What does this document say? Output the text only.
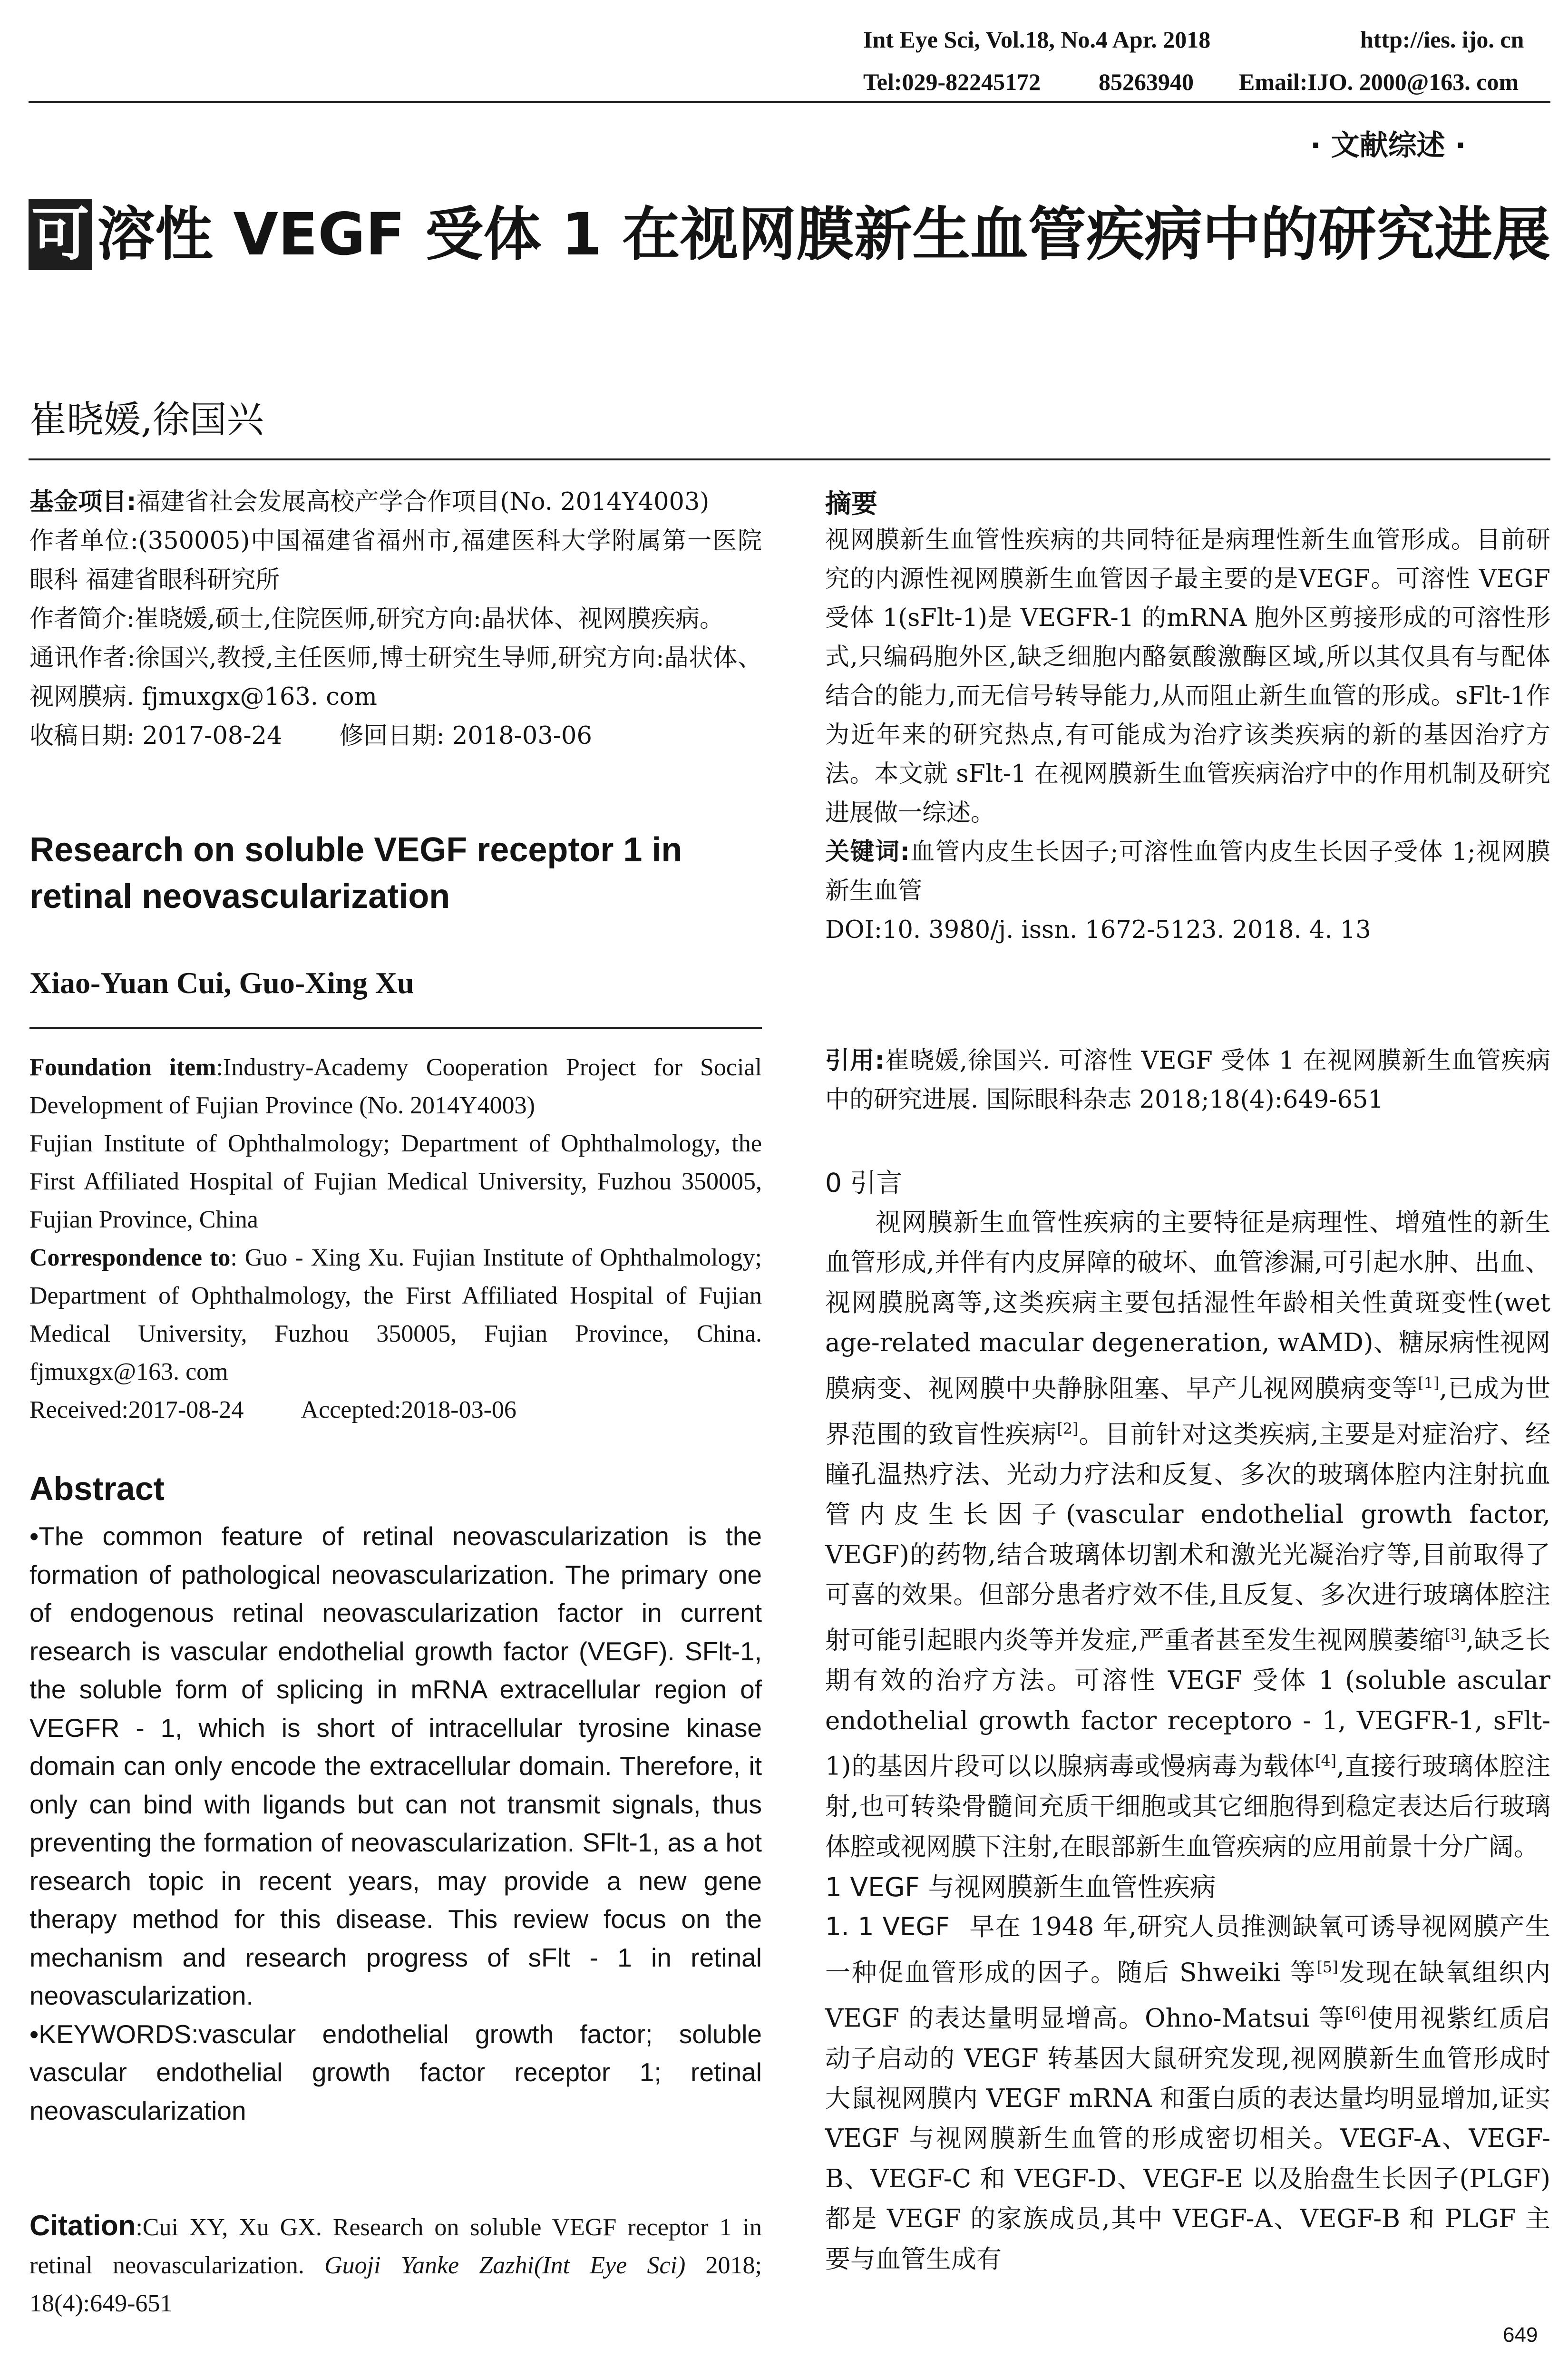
Int Eye Sci, Vol.18, No.4 Apr. 2018	http://ies. ijo. cn
Tel:029-82245172 85263940 Email:IJO. 2000@163. com
· 文献综述 ·
可 溶性 VEGF 受体 1 在视网膜新生血管疾病中的研究进展
崔晓媛,徐国兴

基金项目:福建省社会发展高校产学合作项目(No. 2014Y4003)

作者单位:(350005)中国福建省福州市,福建医科大学附属第一医院眼科 福建省眼科研究所

作者简介:崔晓媛,硕士,住院医师,研究方向:晶状体、视网膜疾病。

通讯作者:徐国兴,教授,主任医师,博士研究生导师,研究方向:晶状体、视网膜病. fjmuxgx@163. com

收稿日期: 2017-08-24 修回日期: 2018-03-06

Research on soluble VEGF receptor 1 in retinal neovascularization
Xiao-Yuan Cui, Guo-Xing Xu

Foundation item:Industry-Academy Cooperation Project for Social Development of Fujian Province (No. 2014Y4003)

Fujian Institute of Ophthalmology; Department of Ophthalmology, the First Affiliated Hospital of Fujian Medical University, Fuzhou 350005, Fujian Province, China

Correspondence to: Guo - Xing Xu. Fujian Institute of Ophthalmology; Department of Ophthalmology, the First Affiliated Hospital of Fujian Medical University, Fuzhou 350005, Fujian Province, China. fjmuxgx@163. com

Received:2017-08-24 Accepted:2018-03-06

Abstract

•The common feature of retinal neovascularization is the formation of pathological neovascularization. The primary one of endogenous retinal neovascularization factor in current research is vascular endothelial growth factor (VEGF). SFlt-1, the soluble form of splicing in mRNA extracellular region of VEGFR - 1, which is short of intracellular tyrosine kinase domain can only encode the extracellular domain. Therefore, it only can bind with ligands but can not transmit signals, thus preventing the formation of neovascularization. SFlt-1, as a hot research topic in recent years, may provide a new gene therapy method for this disease. This review focus on the mechanism and research progress of sFlt - 1 in retinal neovascularization.

•KEYWORDS:vascular endothelial growth factor; soluble vascular endothelial growth factor receptor 1; retinal neovascularization

Citation:Cui XY, Xu GX. Research on soluble VEGF receptor 1 in retinal neovascularization. Guoji Yanke Zazhi(Int Eye Sci) 2018; 18(4):649-651
摘要

视网膜新生血管性疾病的共同特征是病理性新生血管形成。目前研究的内源性视网膜新生血管因子最主要的是VEGF。可溶性 VEGF 受体 1(sFlt-1)是 VEGFR-1 的mRNA 胞外区剪接形成的可溶性形式,只编码胞外区,缺乏细胞内酪氨酸激酶区域,所以其仅具有与配体结合的能力,而无信号转导能力,从而阻止新生血管的形成。sFlt-1作为近年来的研究热点,有可能成为治疗该类疾病的新的基因治疗方法。本文就 sFlt-1 在视网膜新生血管疾病治疗中的作用机制及研究进展做一综述。

关键词:血管内皮生长因子;可溶性血管内皮生长因子受体 1;视网膜新生血管

DOI:10. 3980/j. issn. 1672-5123. 2018. 4. 13

引用:崔晓媛,徐国兴. 可溶性 VEGF 受体 1 在视网膜新生血管疾病中的研究进展. 国际眼科杂志 2018;18(4):649-651

0 引言

视网膜新生血管性疾病的主要特征是病理性、增殖性的新生血管形成,并伴有内皮屏障的破坏、血管渗漏,可引起水肿、出血、视网膜脱离等,这类疾病主要包括湿性年龄相关性黄斑变性(wet age-related macular degeneration, wAMD)、糖尿病性视网膜病变、视网膜中央静脉阻塞、早产儿视网膜病变等[1],已成为世界范围的致盲性疾病[2]。目前针对这类疾病,主要是对症治疗、经瞳孔温热疗法、光动力疗法和反复、多次的玻璃体腔内注射抗血管内皮生长因子(vascular endothelial growth factor, VEGF)的药物,结合玻璃体切割术和激光光凝治疗等,目前取得了可喜的效果。但部分患者疗效不佳,且反复、多次进行玻璃体腔注射可能引起眼内炎等并发症,严重者甚至发生视网膜萎缩[3],缺乏长期有效的治疗方法。可溶性 VEGF 受体 1 (soluble ascular endothelial growth factor receptoro - 1, VEGFR-1, sFlt-1)的基因片段可以以腺病毒或慢病毒为载体[4],直接行玻璃体腔注射,也可转染骨髓间充质干细胞或其它细胞得到稳定表达后行玻璃体腔或视网膜下注射,在眼部新生血管疾病的应用前景十分广阔。

1 VEGF 与视网膜新生血管性疾病

1. 1 VEGF 早在 1948 年,研究人员推测缺氧可诱导视网膜产生一种促血管形成的因子。随后 Shweiki 等[5]发现在缺氧组织内 VEGF 的表达量明显增高。Ohno-Matsui 等[6]使用视紫红质启动子启动的 VEGF 转基因大鼠研究发现,视网膜新生血管形成时大鼠视网膜内 VEGF mRNA 和蛋白质的表达量均明显增加,证实 VEGF 与视网膜新生血管的形成密切相关。VEGF-A、VEGF-B、VEGF-C 和 VEGF-D、VEGF-E 以及胎盘生长因子(PLGF)都是 VEGF 的家族成员,其中 VEGF-A、VEGF-B 和 PLGF 主要与血管生成有

649
